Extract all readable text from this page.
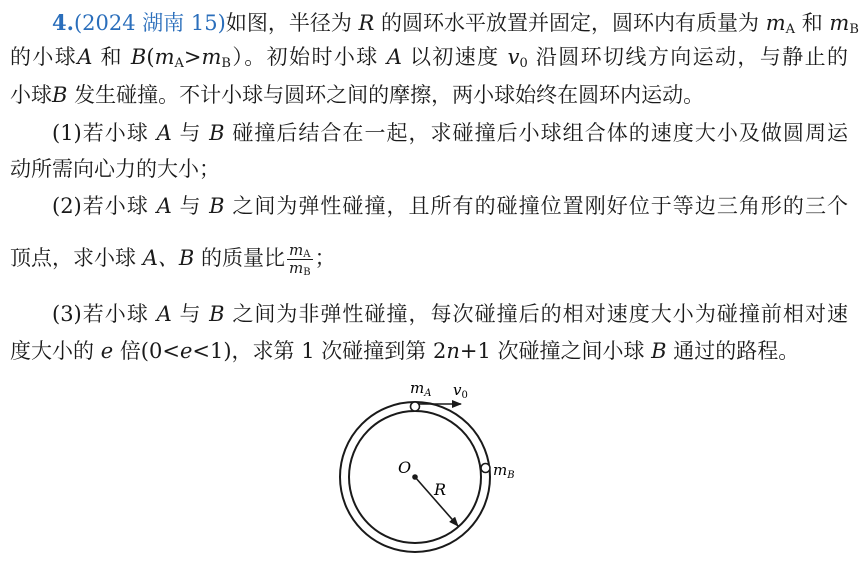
4.(2024 湖南 15)如图，半径为 R 的圆环水平放置并固定，圆环内有质量为 $m_A$ 和 $m_B$
的小球A 和 $B(m_A>m_B)$。初始时小球 A 以初速度 $v_0$ 沿圆环切线方向运动，与静止的
小球B 发生碰撞。不计小球与圆环之间的摩擦，两小球始终在圆环内运动。
(1)若小球 A 与 B 碰撞后结合在一起，求碰撞后小球组合体的速度大小及做圆周运
动所需向心力的大小；
(2)若小球 A 与 B 之间为弹性碰撞，且所有的碰撞位置刚好位于等边三角形的三个
顶点，求小球 A、B 的质量比 $\frac{m_A}{m_B}$ ；
(3)若小球 A 与 B 之间为非弹性碰撞，每次碰撞后的相对速度大小为碰撞前相对速
度大小的 e 倍(0<e<1)，求第 1 次碰撞到第 2n+1 次碰撞之间小球 B 通过的路程。
$m_A$ $v_0$
O
R
$m_B$
